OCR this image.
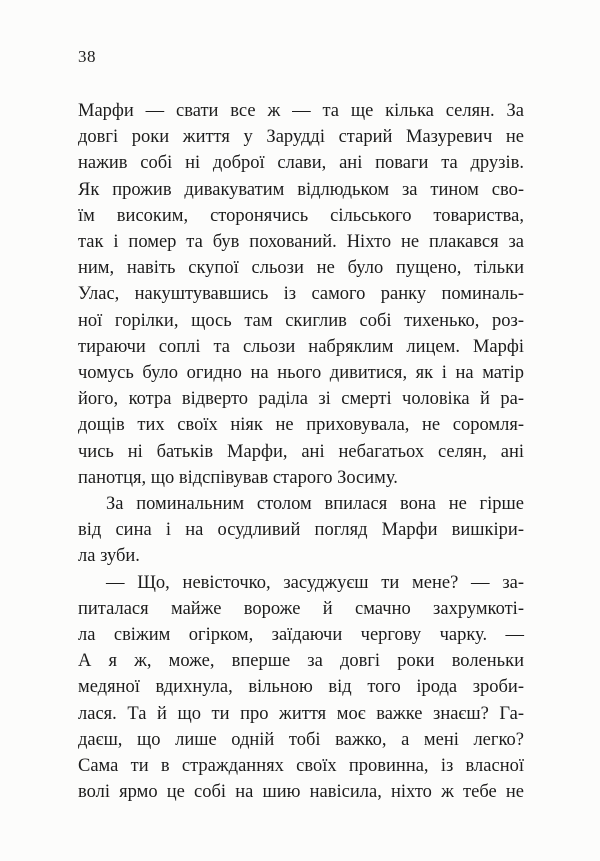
38
Марфи — свати все ж — та ще кілька селян. За
довгі роки життя у Зарудді старий Мазуревич не
нажив собі ні доброї слави, ані поваги та друзів.
Як прожив дивакуватим відлюдьком за тином сво-
їм високим, сторонячись сільського товариства,
так і помер та був похований. Ніхто не плакався за
ним, навіть скупої сльози не було пущено, тільки
Улас, накуштувавшись із самого ранку поминаль-
ної горілки, щось там скиглив собі тихенько, роз-
тираючи соплі та сльози набряклим лицем. Марфі
чомусь було огидно на нього дивитися, як і на матір
його, котра відверто раділа зі смерті чоловіка й ра-
дощів тих своїх ніяк не приховувала, не соромля-
чись ні батьків Марфи, ані небагатьох селян, ані
панотця, що відспівував старого Зосиму.
За поминальним столом впилася вона не гірше
від сина і на осудливий погляд Марфи вишкіри-
ла зуби.
— Що, невісточко, засуджуєш ти мене? — за-
питалася майже вороже й смачно захрумкоті-
ла свіжим огірком, заїдаючи чергову чарку. —
А я ж, може, вперше за довгі роки воленьки
медяної вдихнула, вільною від того ірода зроби-
лася. Та й що ти про життя моє важке знаєш? Га-
даєш, що лише одній тобі важко, а мені легко?
Сама ти в стражданнях своїх провинна, із власної
волі ярмо це собі на шию навісила, ніхто ж тебе не
